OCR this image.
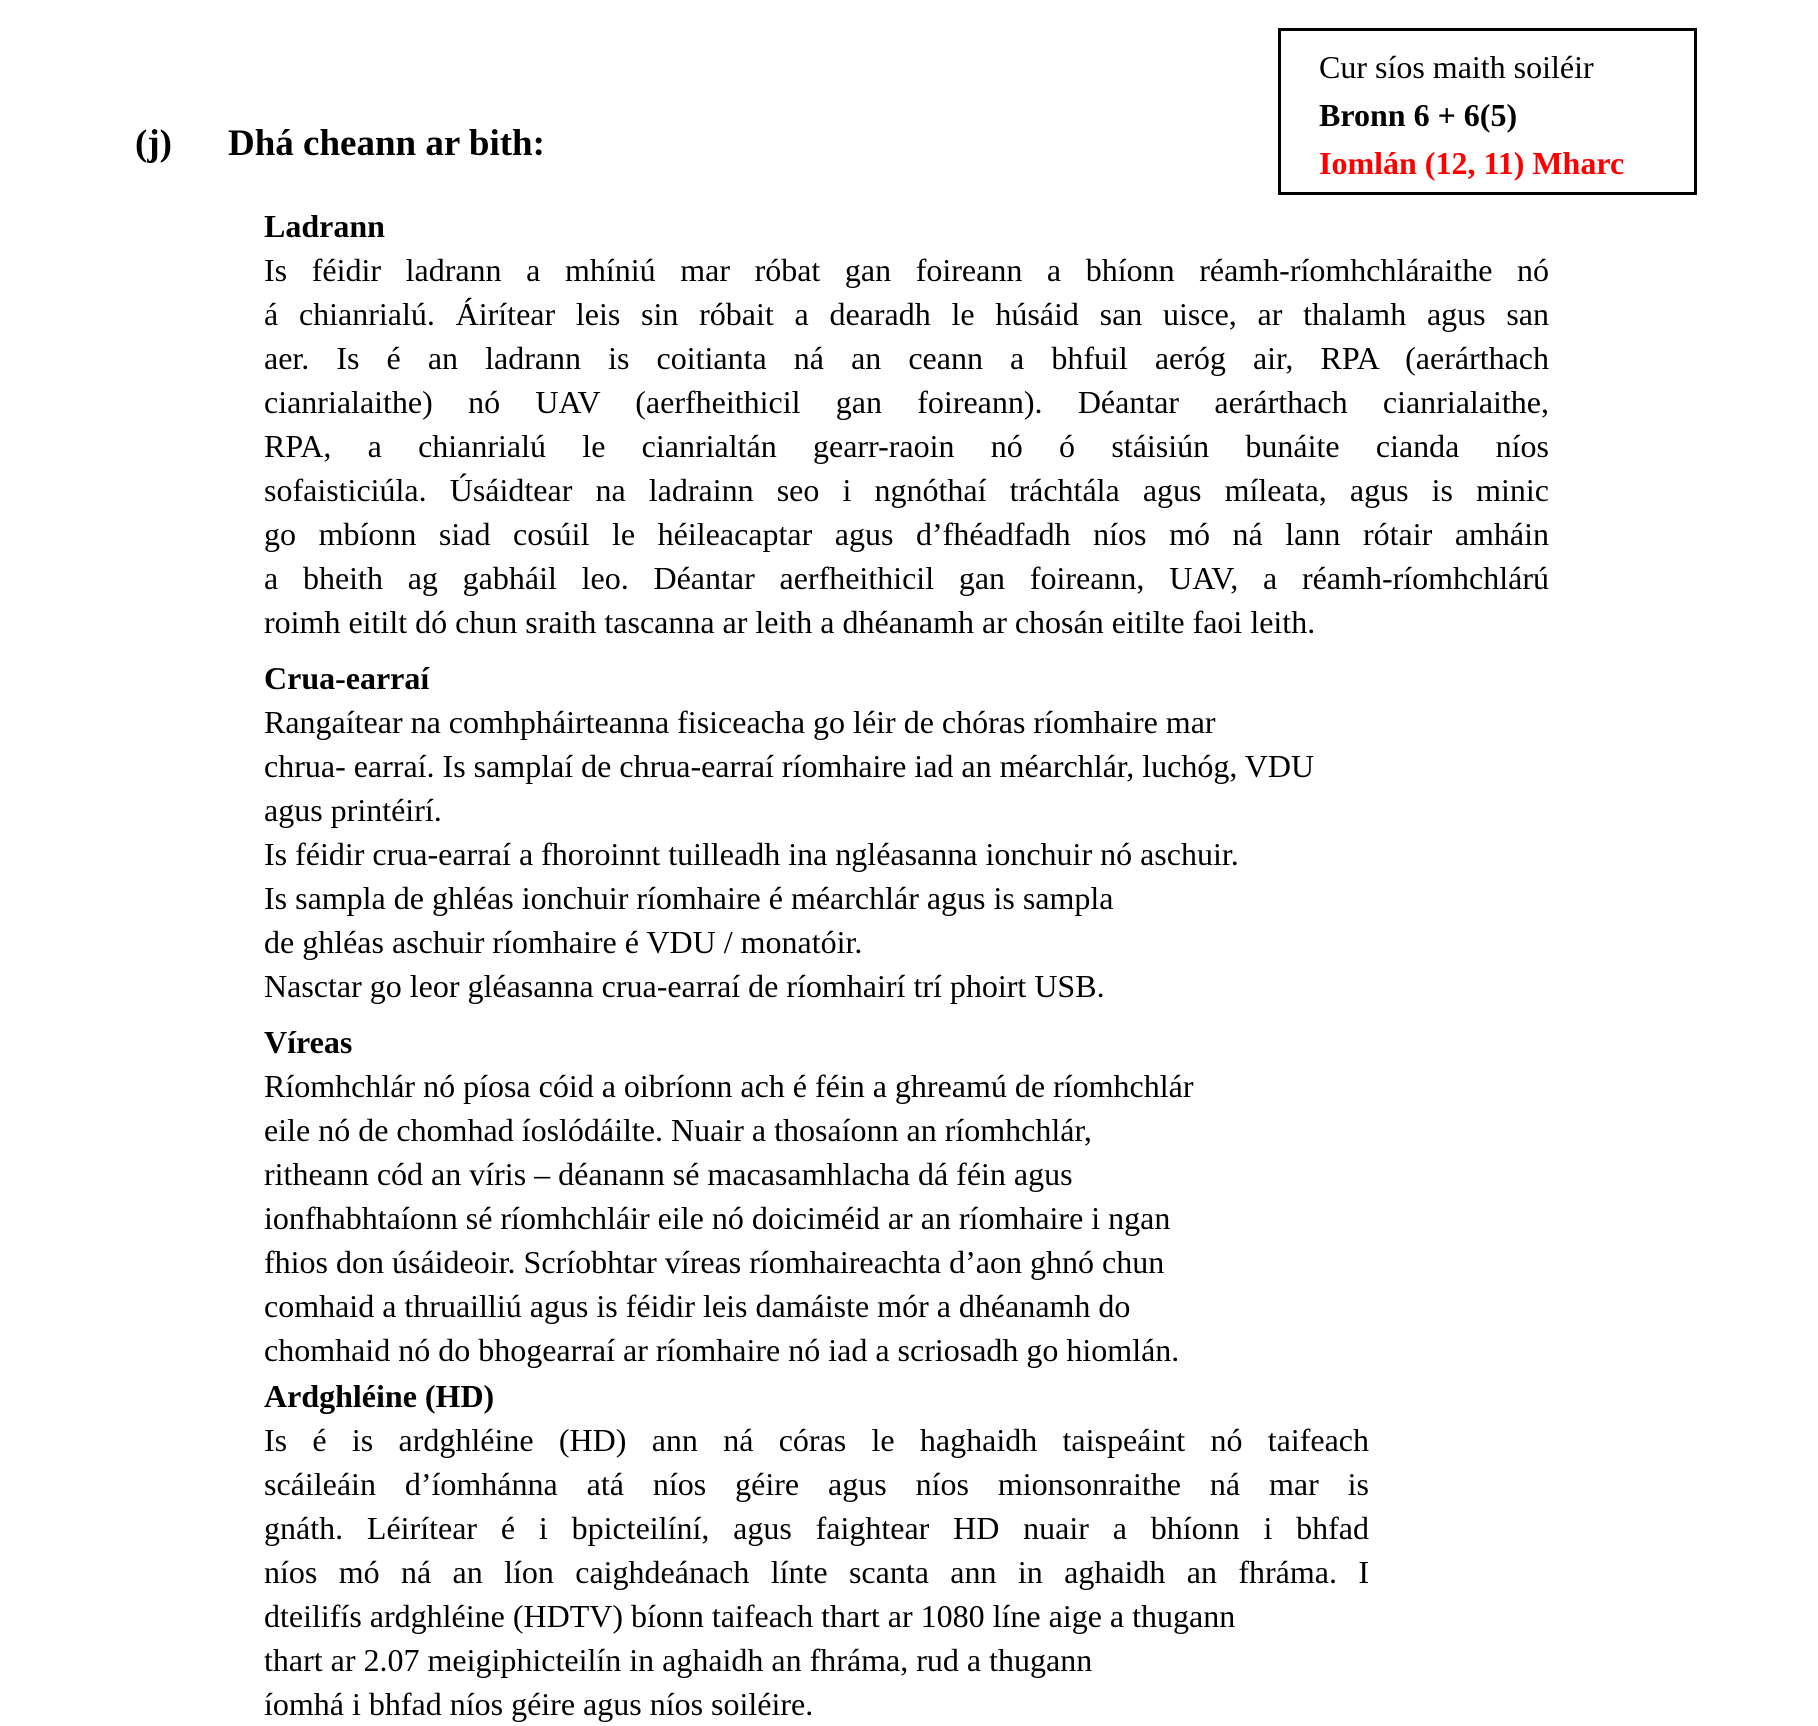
Cur síos maith soiléir
Bronn 6 + 6(5)
Iomlán (12, 11) Mharc
(j) Dhá cheann ar bith:
Ladrann
Is féidir ladrann a mhíniú mar róbat gan foireann a bhíonn réamh-ríomhchláraithe nó
á chianrialú. Áirítear leis sin róbait a dearadh le húsáid san uisce, ar thalamh agus san
aer. Is é an ladrann is coitianta ná an ceann a bhfuil aeróg air, RPA (aerárthach
cianrialaithe) nó UAV (aerfheithicil gan foireann). Déantar aerárthach cianrialaithe,
RPA, a chianrialú le cianrialtán gearr-raoin nó ó stáisiún bunáite cianda níos
sofaisticiúla. Úsáidtear na ladrainn seo i ngnóthaí tráchtála agus míleata, agus is minic
go mbíonn siad cosúil le héileacaptar agus d’fhéadfadh níos mó ná lann rótair amháin
a bheith ag gabháil leo. Déantar aerfheithicil gan foireann, UAV, a réamh-ríomhchlárú
roimh eitilt dó chun sraith tascanna ar leith a dhéanamh ar chosán eitilte faoi leith.
Crua-earraí
Rangaítear na comhpháirteanna fisiceacha go léir de chóras ríomhaire mar
chrua- earraí. Is samplaí de chrua-earraí ríomhaire iad an méarchlár, luchóg, VDU
agus printéirí.
Is féidir crua-earraí a fhoroinnt tuilleadh ina ngléasanna ionchuir nó aschuir.
Is sampla de ghléas ionchuir ríomhaire é méarchlár agus is sampla
de ghléas aschuir ríomhaire é VDU / monatóir.
Nasctar go leor gléasanna crua-earraí de ríomhairí trí phoirt USB.
Víreas
Ríomhchlár nó píosa cóid a oibríonn ach é féin a ghreamú de ríomhchlár
eile nó de chomhad íoslódáilte. Nuair a thosaíonn an ríomhchlár,
ritheann cód an víris – déanann sé macasamhlacha dá féin agus
ionfhabhtaíonn sé ríomhchláir eile nó doiciméid ar an ríomhaire i ngan
fhios don úsáideoir. Scríobhtar víreas ríomhaireachta d’aon ghnó chun
comhaid a thruailliú agus is féidir leis damáiste mór a dhéanamh do
chomhaid nó do bhogearraí ar ríomhaire nó iad a scriosadh go hiomlán.
Ardghléine (HD)
Is é is ardghléine (HD) ann ná córas le haghaidh taispeáint nó taifeach
scáileáin d’íomhánna atá níos géire agus níos mionsonraithe ná mar is
gnáth. Léirítear é i bpicteilíní, agus faightear HD nuair a bhíonn i bhfad
níos mó ná an líon caighdeánach línte scanta ann in aghaidh an fhráma. I
dteilifís ardghléine (HDTV) bíonn taifeach thart ar 1080 líne aige a thugann
thart ar 2.07 meigiphicteilín in aghaidh an fhráma, rud a thugann
íomhá i bhfad níos géire agus níos soiléire.
